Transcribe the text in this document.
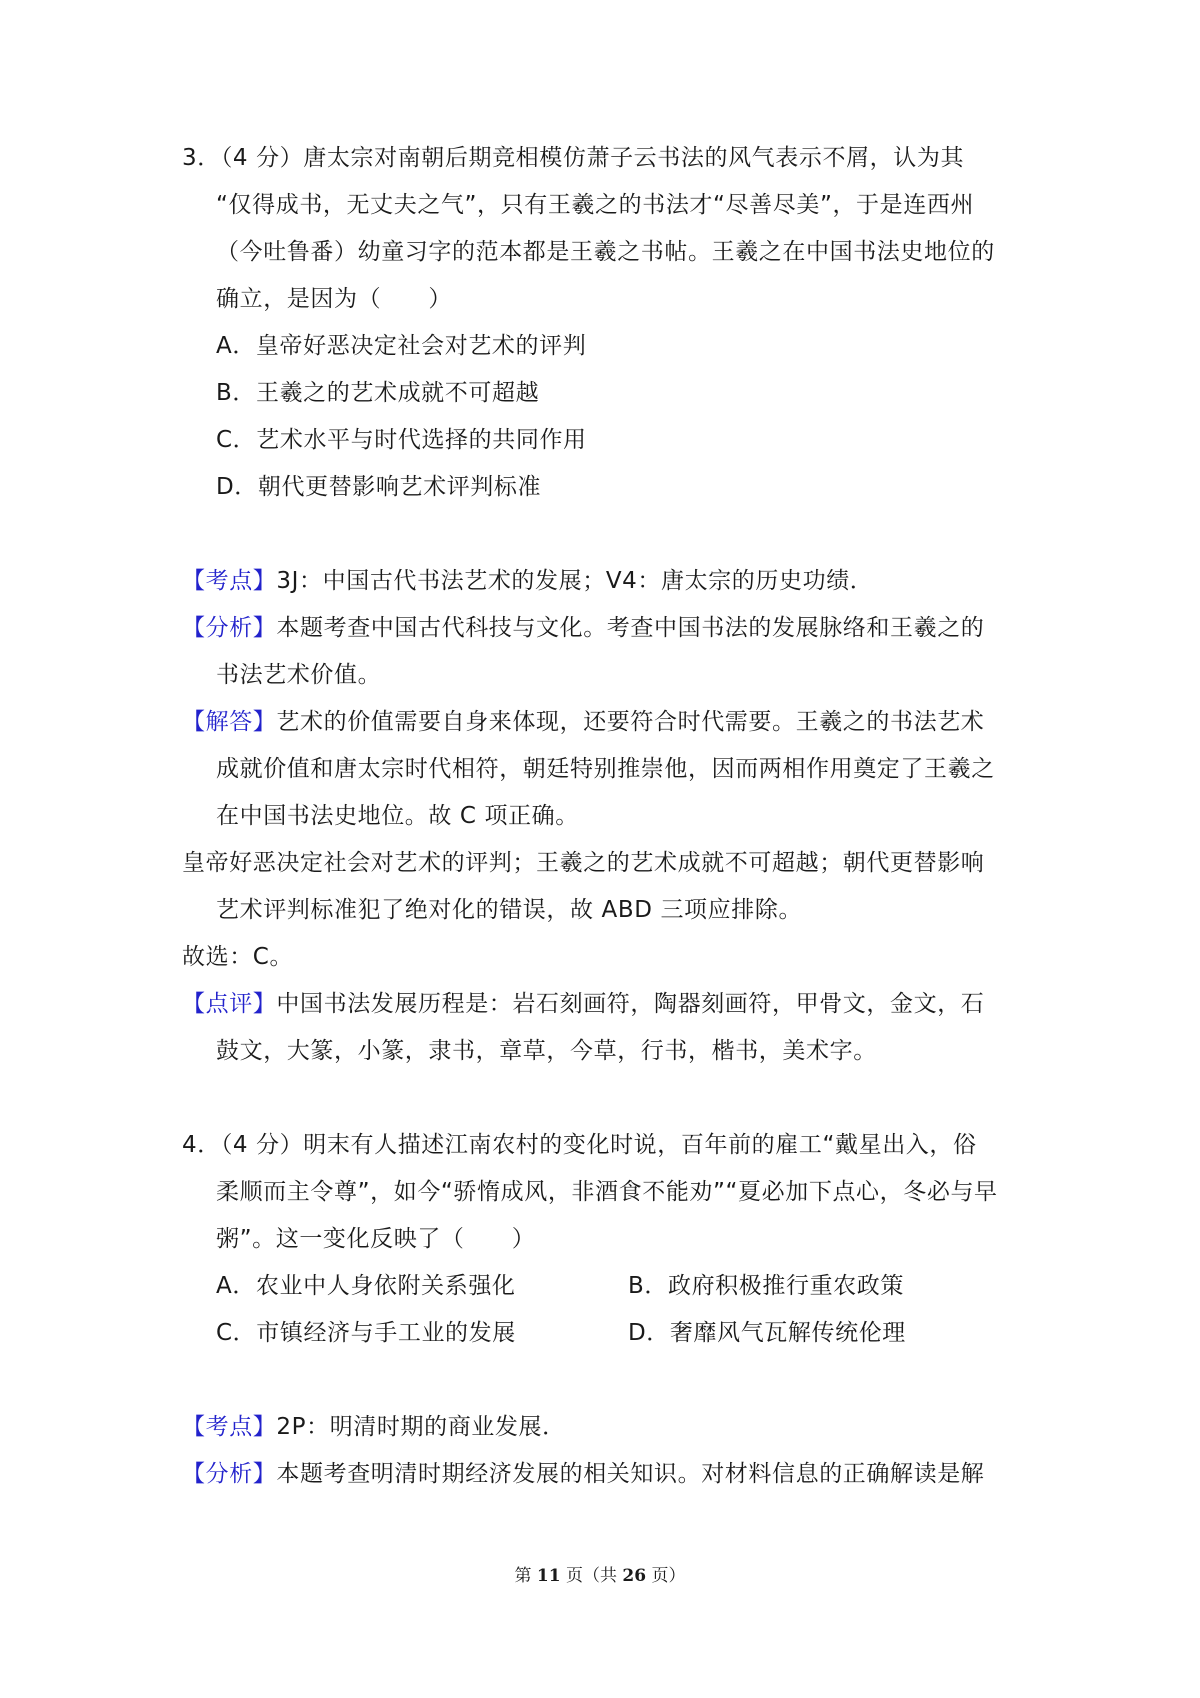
3．（4 分）唐太宗对南朝后期竞相模仿萧子云书法的风气表示不屑，认为其
“仅得成书，无丈夫之气”，只有王羲之的书法才“尽善尽美”，于是连西州
（今吐鲁番）幼童习字的范本都是王羲之书帖。王羲之在中国书法史地位的
确立，是因为（　　）
A．皇帝好恶决定社会对艺术的评判
B．王羲之的艺术成就不可超越
C．艺术水平与时代选择的共同作用
D．朝代更替影响艺术评判标准
【考点】3J：中国古代书法艺术的发展；V4：唐太宗的历史功绩．
【分析】本题考查中国古代科技与文化。考查中国书法的发展脉络和王羲之的
书法艺术价值。
【解答】艺术的价值需要自身来体现，还要符合时代需要。王羲之的书法艺术
成就价值和唐太宗时代相符，朝廷特别推崇他，因而两相作用奠定了王羲之
在中国书法史地位。故 C 项正确。
皇帝好恶决定社会对艺术的评判；王羲之的艺术成就不可超越；朝代更替影响
艺术评判标准犯了绝对化的错误，故 ABD 三项应排除。
故选：C。
【点评】中国书法发展历程是：岩石刻画符，陶器刻画符，甲骨文，金文，石
鼓文，大篆，小篆，隶书，章草，今草，行书，楷书，美术字。
4．（4 分）明末有人描述江南农村的变化时说，百年前的雇工“戴星出入，俗
柔顺而主令尊”，如今“骄惰成风，非酒食不能劝”“夏必加下点心，冬必与早
粥”。这一变化反映了（　　）
A．农业中人身依附关系强化	B．政府积极推行重农政策
C．市镇经济与手工业的发展	D．奢靡风气瓦解传统伦理
【考点】2P：明清时期的商业发展．
【分析】本题考查明清时期经济发展的相关知识。对材料信息的正确解读是解
第 11 页（共 26 页）
